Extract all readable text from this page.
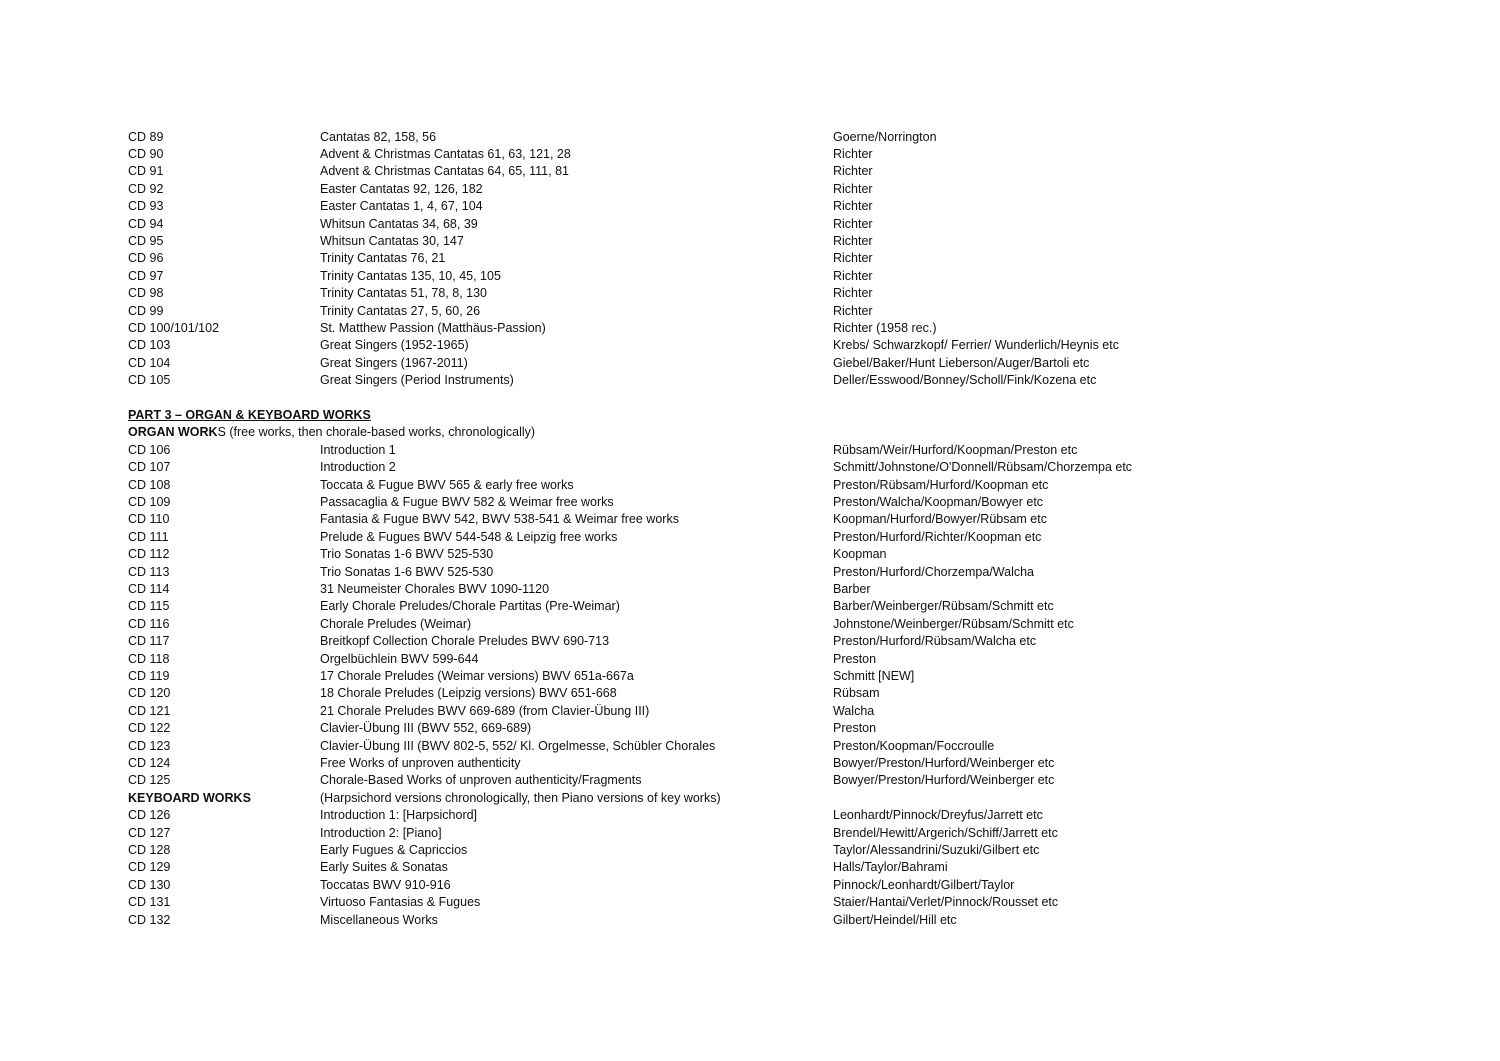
CD 89	Cantatas 82, 158, 56	Goerne/Norrington
CD 90	Advent & Christmas Cantatas 61, 63, 121, 28	Richter
CD 91	Advent & Christmas Cantatas 64, 65, 111, 81	Richter
CD 92	Easter Cantatas 92, 126, 182	Richter
CD 93	Easter Cantatas 1, 4, 67, 104	Richter
CD 94	Whitsun Cantatas 34, 68, 39	Richter
CD 95	Whitsun Cantatas 30, 147	Richter
CD 96	Trinity Cantatas 76, 21	Richter
CD 97	Trinity Cantatas 135, 10, 45, 105	Richter
CD 98	Trinity Cantatas 51, 78, 8, 130	Richter
CD 99	Trinity Cantatas 27, 5, 60, 26	Richter
CD 100/101/102	St. Matthew Passion (Matthäus-Passion)	Richter (1958 rec.)
CD 103	Great Singers (1952-1965)	Krebs/ Schwarzkopf/ Ferrier/ Wunderlich/Heynis etc
CD 104	Great Singers (1967-2011)	Giebel/Baker/Hunt Lieberson/Auger/Bartoli etc
CD 105	Great Singers (Period Instruments)	Deller/Esswood/Bonney/Scholl/Fink/Kozena etc
PART 3 – ORGAN & KEYBOARD WORKS
ORGAN WORKS (free works, then chorale-based works, chronologically)
CD 106	Introduction 1	Rübsam/Weir/Hurford/Koopman/Preston etc
CD 107	Introduction 2	Schmitt/Johnstone/O'Donnell/Rübsam/Chorzempa etc
CD 108	Toccata & Fugue BWV 565 & early free works	Preston/Rübsam/Hurford/Koopman etc
CD 109	Passacaglia & Fugue BWV 582 & Weimar free works	Preston/Walcha/Koopman/Bowyer etc
CD 110	Fantasia & Fugue BWV 542, BWV 538-541 & Weimar free works	Koopman/Hurford/Bowyer/Rübsam etc
CD 111	Prelude & Fugues BWV 544-548 & Leipzig free works	Preston/Hurford/Richter/Koopman etc
CD 112	Trio Sonatas 1-6 BWV 525-530	Koopman
CD 113	Trio Sonatas 1-6 BWV 525-530	Preston/Hurford/Chorzempa/Walcha
CD 114	31 Neumeister Chorales BWV 1090-1120	Barber
CD 115	Early Chorale Preludes/Chorale Partitas (Pre-Weimar)	Barber/Weinberger/Rübsam/Schmitt etc
CD 116	Chorale Preludes (Weimar)	Johnstone/Weinberger/Rübsam/Schmitt etc
CD 117	Breitkopf Collection Chorale Preludes BWV 690-713	Preston/Hurford/Rübsam/Walcha etc
CD 118	Orgelbüchlein BWV 599-644	Preston
CD 119	17 Chorale Preludes (Weimar versions) BWV 651a-667a	Schmitt [NEW]
CD 120	18 Chorale Preludes (Leipzig versions) BWV 651-668	Rübsam
CD 121	21 Chorale Preludes BWV 669-689 (from Clavier-Übung III)	Walcha
CD 122	Clavier-Übung III (BWV 552, 669-689)	Preston
CD 123	Clavier-Übung III (BWV 802-5, 552/ Kl. Orgelmesse, Schübler Chorales	Preston/Koopman/Foccroulle
CD 124	Free Works of unproven authenticity	Bowyer/Preston/Hurford/Weinberger etc
CD 125	Chorale-Based Works of unproven authenticity/Fragments	Bowyer/Preston/Hurford/Weinberger etc
KEYBOARD WORKS	(Harpsichord versions chronologically, then Piano versions of key works)
CD 126	Introduction 1: [Harpsichord]	Leonhardt/Pinnock/Dreyfus/Jarrett etc
CD 127	Introduction 2: [Piano]	Brendel/Hewitt/Argerich/Schiff/Jarrett etc
CD 128	Early Fugues & Capriccios	Taylor/Alessandrini/Suzuki/Gilbert etc
CD 129	Early Suites & Sonatas	Halls/Taylor/Bahrami
CD 130	Toccatas BWV 910-916	Pinnock/Leonhardt/Gilbert/Taylor
CD 131	Virtuoso Fantasias & Fugues	Staier/Hantai/Verlet/Pinnock/Rousset etc
CD 132	Miscellaneous Works	Gilbert/Heindel/Hill etc
